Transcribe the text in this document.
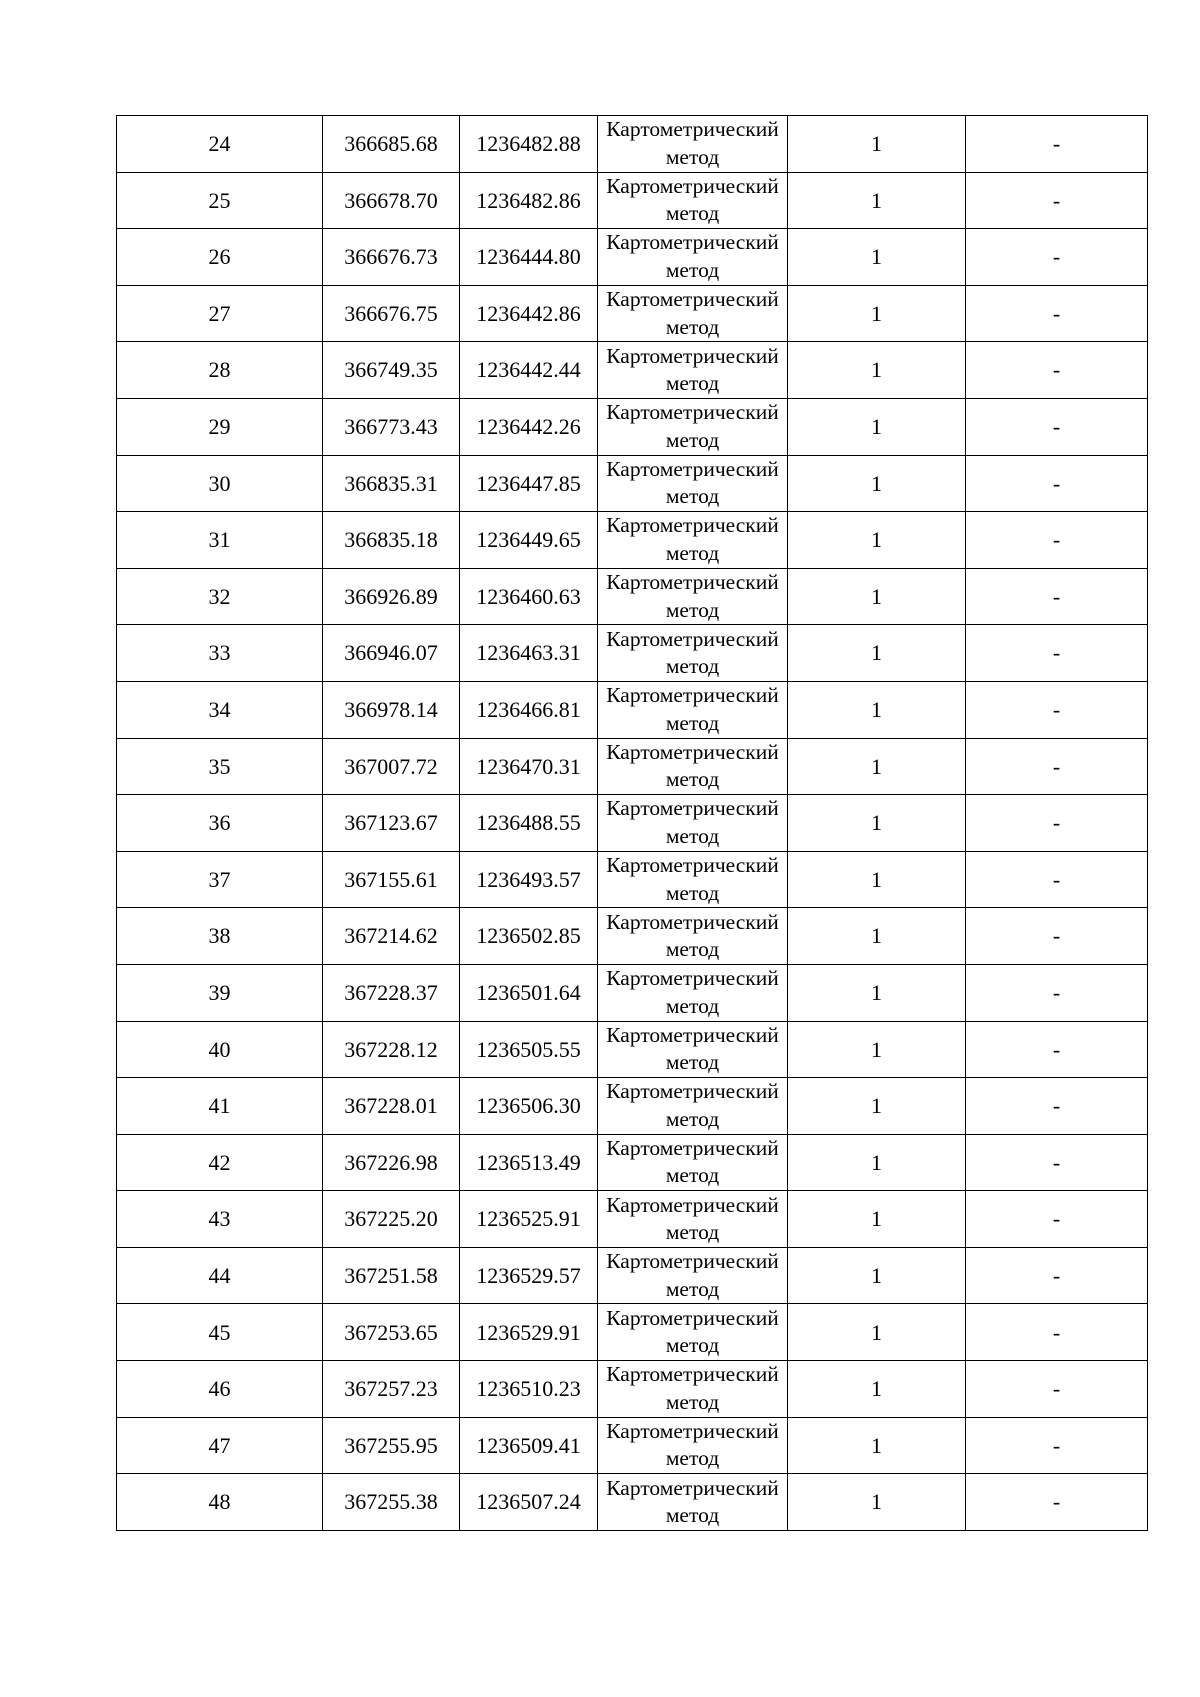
24	366685.68	1236482.88	Картометрический метод	1	-
25	366678.70	1236482.86	Картометрический метод	1	-
26	366676.73	1236444.80	Картометрический метод	1	-
27	366676.75	1236442.86	Картометрический метод	1	-
28	366749.35	1236442.44	Картометрический метод	1	-
29	366773.43	1236442.26	Картометрический метод	1	-
30	366835.31	1236447.85	Картометрический метод	1	-
31	366835.18	1236449.65	Картометрический метод	1	-
32	366926.89	1236460.63	Картометрический метод	1	-
33	366946.07	1236463.31	Картометрический метод	1	-
34	366978.14	1236466.81	Картометрический метод	1	-
35	367007.72	1236470.31	Картометрический метод	1	-
36	367123.67	1236488.55	Картометрический метод	1	-
37	367155.61	1236493.57	Картометрический метод	1	-
38	367214.62	1236502.85	Картометрический метод	1	-
39	367228.37	1236501.64	Картометрический метод	1	-
40	367228.12	1236505.55	Картометрический метод	1	-
41	367228.01	1236506.30	Картометрический метод	1	-
42	367226.98	1236513.49	Картометрический метод	1	-
43	367225.20	1236525.91	Картометрический метод	1	-
44	367251.58	1236529.57	Картометрический метод	1	-
45	367253.65	1236529.91	Картометрический метод	1	-
46	367257.23	1236510.23	Картометрический метод	1	-
47	367255.95	1236509.41	Картометрический метод	1	-
48	367255.38	1236507.24	Картометрический метод	1	-
